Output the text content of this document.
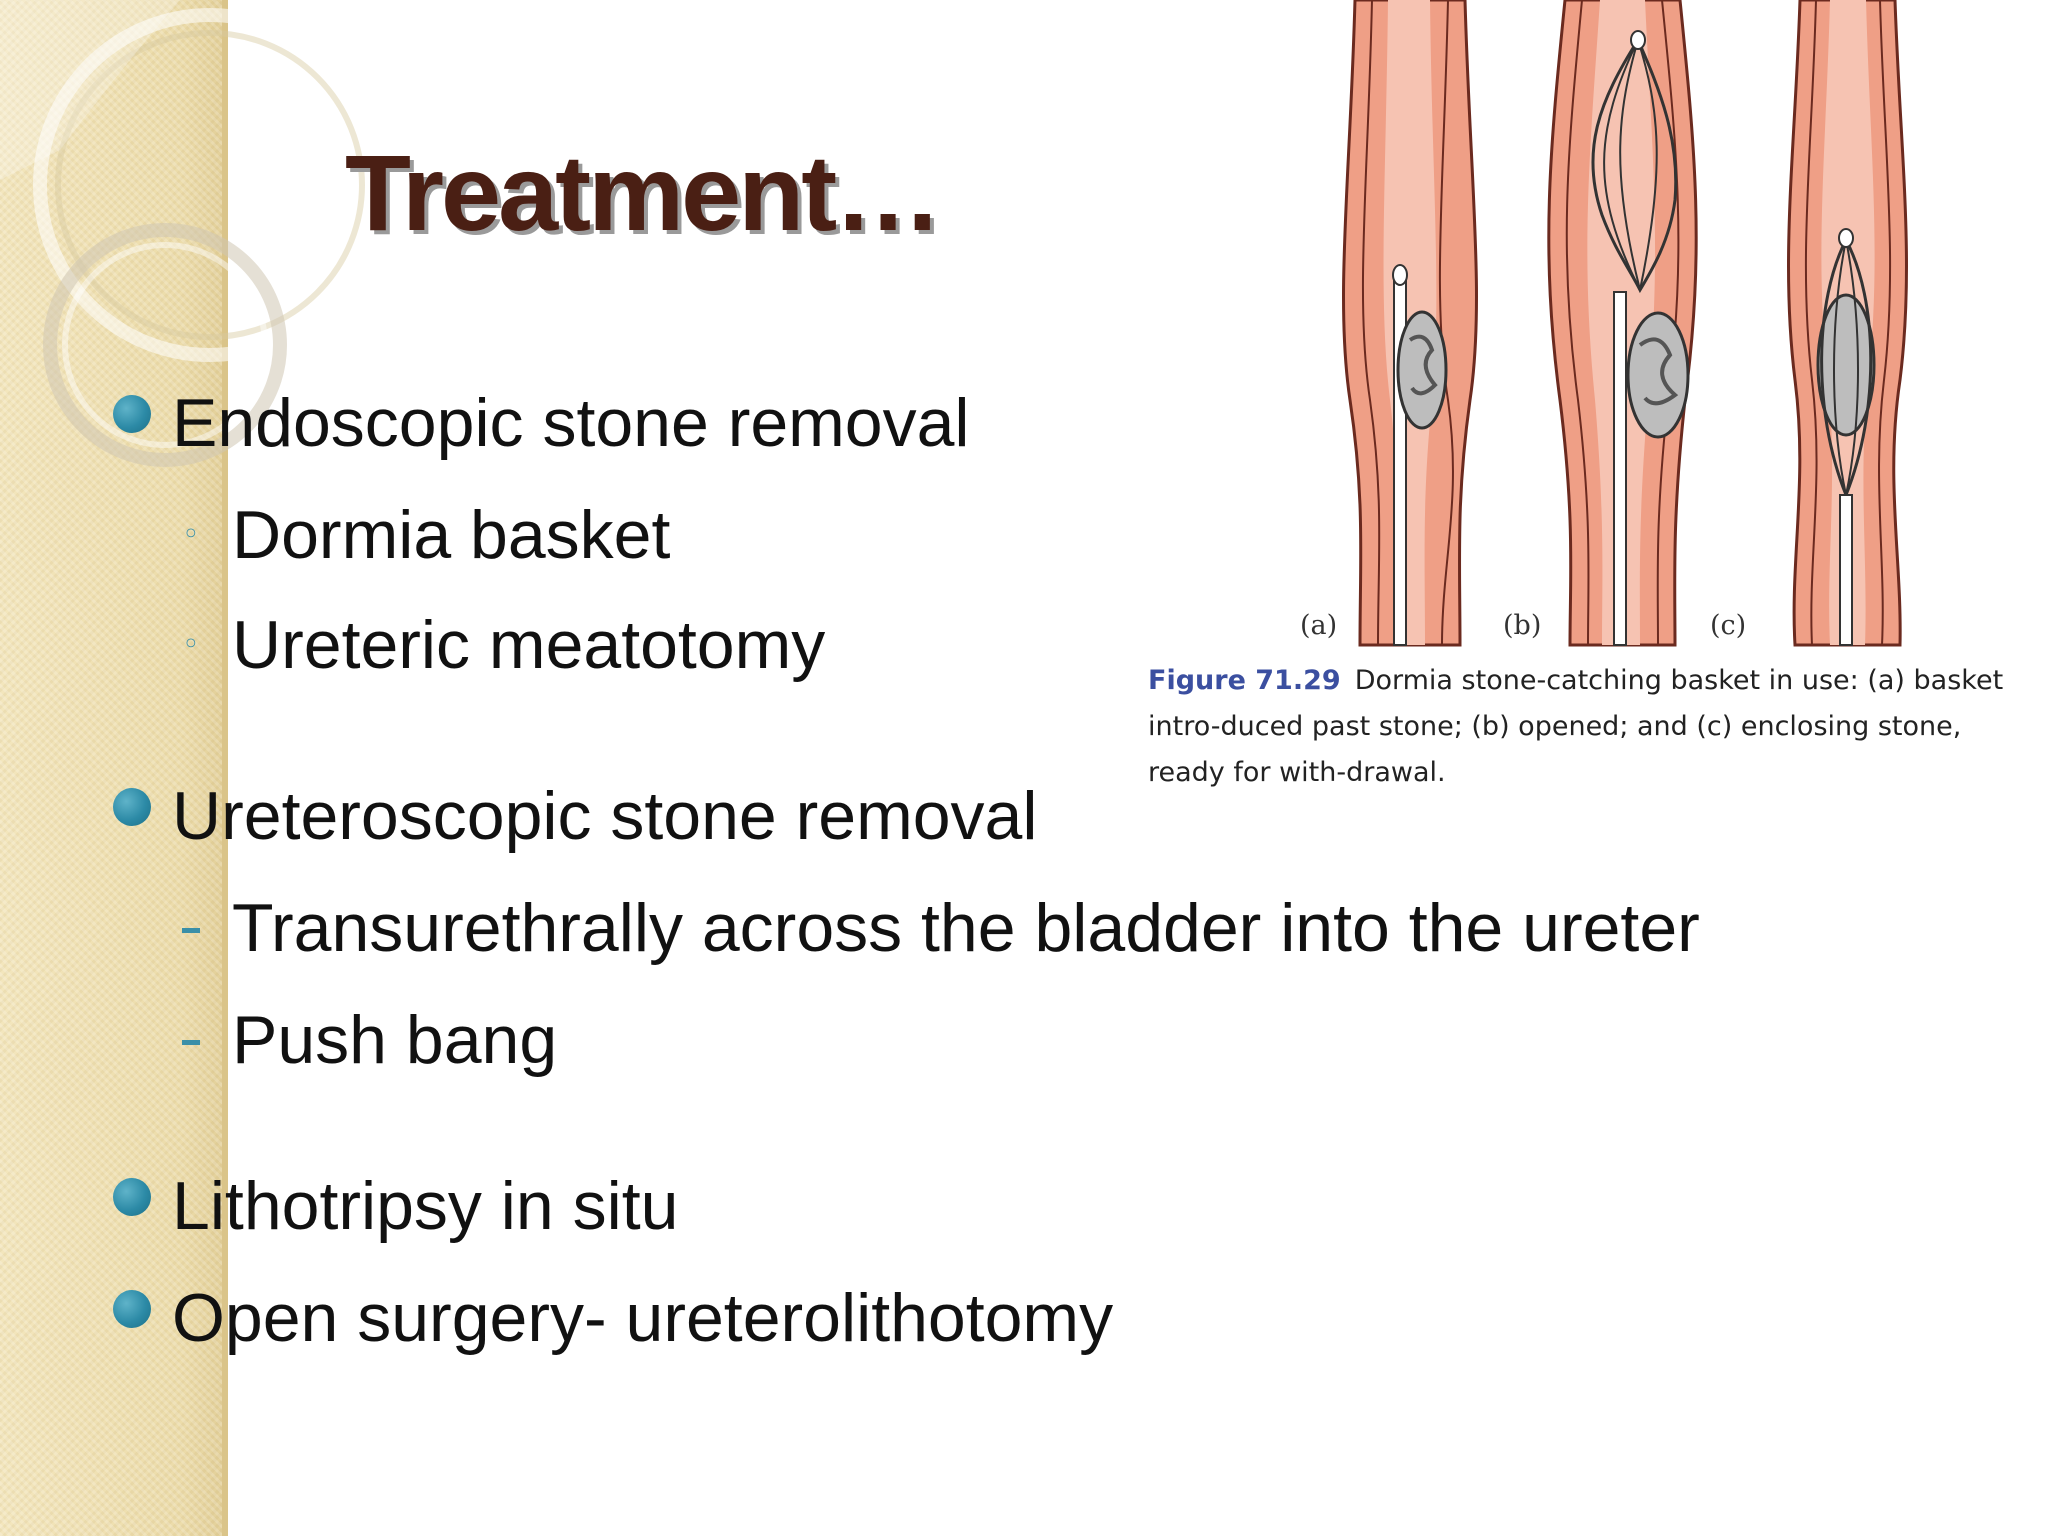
Treatment…
Endoscopic stone removal
◦ Dormia basket
◦ Ureteric meatotomy
Ureteroscopic stone removal
Transurethrally across the bladder into the ureter
Push bang
Lithotripsy in situ
Open surgery- ureterolithotomy
(a)	(b)	(c)
Figure 71.29 Dormia stone-catching basket in use: (a) basket intro-duced past stone; (b) opened; and (c) enclosing stone, ready for with-drawal.
